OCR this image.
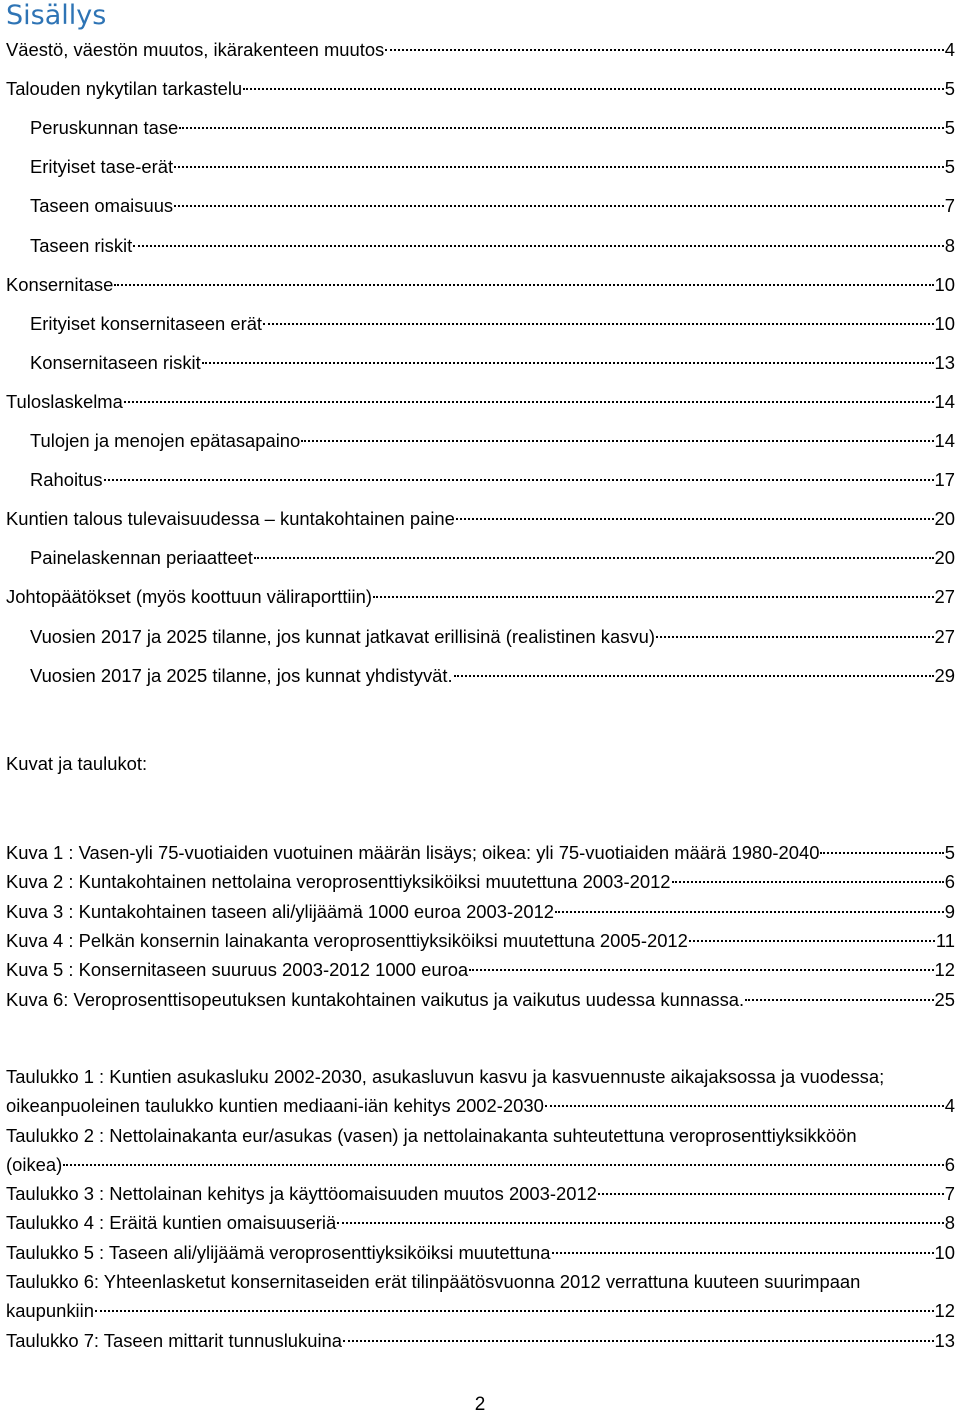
Sisällys
Väestö, väestön muutos, ikärakenteen muutos	4
Talouden nykytilan tarkastelu	5
Peruskunnan tase	5
Erityiset tase-erät	5
Taseen omaisuus	7
Taseen riskit	8
Konsernitase	10
Erityiset konsernitaseen erät	10
Konsernitaseen riskit	13
Tuloslaskelma	14
Tulojen ja menojen epätasapaino	14
Rahoitus	17
Kuntien talous tulevaisuudessa – kuntakohtainen paine	20
Painelaskennan periaatteet	20
Johtopäätökset (myös koottuun väliraporttiin)	27
Vuosien 2017 ja 2025 tilanne, jos kunnat jatkavat erillisinä (realistinen kasvu)	27
Vuosien 2017 ja 2025 tilanne, jos kunnat yhdistyvät.	29
Kuvat ja taulukot:
Kuva 1 : Vasen-yli 75-vuotiaiden vuotuinen määrän lisäys; oikea: yli 75-vuotiaiden määrä 1980-2040	5
Kuva 2 : Kuntakohtainen nettolaina veroprosenttiyksiköiksi muutettuna 2003-2012	6
Kuva 3 : Kuntakohtainen taseen ali/ylijäämä 1000 euroa 2003-2012	9
Kuva 4 : Pelkän konsernin lainakanta veroprosenttiyksiköiksi muutettuna 2005-2012	11
Kuva 5 : Konsernitaseen suuruus 2003-2012 1000 euroa	12
Kuva 6: Veroprosenttisopeutuksen kuntakohtainen vaikutus ja vaikutus uudessa kunnassa.	25
Taulukko 1 : Kuntien asukasluku 2002-2030, asukasluvun kasvu ja kasvuennuste aikajaksossa ja vuodessa;
oikeanpuoleinen taulukko kuntien mediaani-iän kehitys 2002-2030	4
Taulukko 2 : Nettolainakanta eur/asukas (vasen) ja nettolainakanta suhteutettuna veroprosenttiyksikköön
(oikea)	6
Taulukko 3 : Nettolainan kehitys ja käyttöomaisuuden muutos 2003-2012	7
Taulukko 4 : Eräitä kuntien omaisuuseriä	8
Taulukko 5 : Taseen ali/ylijäämä veroprosenttiyksiköiksi muutettuna	10
Taulukko 6: Yhteenlasketut konsernitaseiden erät tilinpäätösvuonna 2012 verrattuna kuuteen suurimpaan
kaupunkiin	12
Taulukko 7: Taseen mittarit tunnuslukuina	13
2
